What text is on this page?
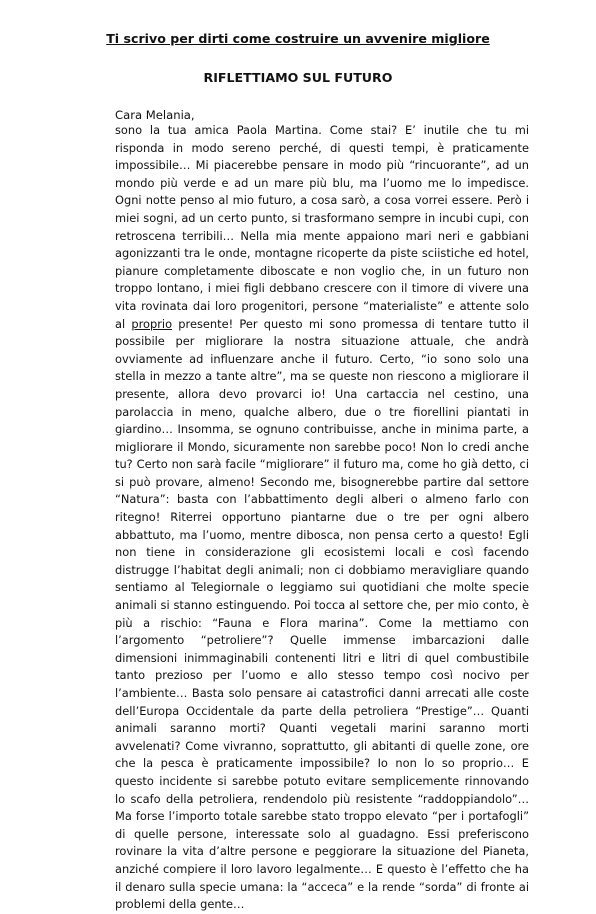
Ti scrivo per dirti come costruire un avvenire migliore
RIFLETTIAMO SUL FUTURO
Cara Melania,
sono la tua amica Paola Martina. Come stai? E’ inutile che tu mi risponda in modo sereno perché, di questi tempi, è praticamente impossibile… Mi piacerebbe pensare in modo più “rincuorante”, ad un mondo più verde e ad un mare più blu, ma l’uomo me lo impedisce. Ogni notte penso al mio futuro, a cosa sarò, a cosa vorrei essere. Però i miei sogni, ad un certo punto, si trasformano sempre in incubi cupi, con retroscena terribili… Nella mia mente appaiono mari neri e gabbiani agonizzanti tra le onde, montagne ricoperte da piste sciistiche ed hotel, pianure completamente diboscate e non voglio che, in un futuro non troppo lontano, i miei figli debbano crescere con il timore di vivere una vita rovinata dai loro progenitori, persone “materialiste” e attente solo al proprio presente! Per questo mi sono promessa di tentare tutto il possibile per migliorare la nostra situazione attuale, che andrà ovviamente ad influenzare anche il futuro. Certo, “io sono solo una stella in mezzo a tante altre”, ma se queste non riescono a migliorare il presente, allora devo provarci io! Una cartaccia nel cestino, una parolaccia in meno, qualche albero, due o tre fiorellini piantati in giardino… Insomma, se ognuno contribuisse, anche in minima parte, a migliorare il Mondo, sicuramente non sarebbe poco! Non lo credi anche tu? Certo non sarà facile “migliorare” il futuro ma, come ho già detto, ci si può provare, almeno! Secondo me, bisognerebbe partire dal settore “Natura”: basta con l’abbattimento degli alberi o almeno farlo con ritegno! Riterrei opportuno piantarne due o tre per ogni albero abbattuto, ma l’uomo, mentre dibosca, non pensa certo a questo! Egli non tiene in considerazione gli ecosistemi locali e così facendo distrugge l’habitat degli animali; non ci dobbiamo meravigliare quando sentiamo al Telegiornale o leggiamo sui quotidiani che molte specie animali si stanno estinguendo. Poi tocca al settore che, per mio conto, è più a rischio: “Fauna e Flora marina”. Come la mettiamo con l’argomento “petroliere”? Quelle immense imbarcazioni dalle dimensioni inimmaginabili contenenti litri e litri di quel combustibile tanto prezioso per l’uomo e allo stesso tempo così nocivo per l’ambiente… Basta solo pensare ai catastrofici danni arrecati alle coste dell’Europa Occidentale da parte della petroliera “Prestige”… Quanti animali saranno morti? Quanti vegetali marini saranno morti avvelenati? Come vivranno, soprattutto, gli abitanti di quelle zone, ore che la pesca è praticamente impossibile? Io non lo so proprio… E questo incidente si sarebbe potuto evitare semplicemente rinnovando lo scafo della petroliera, rendendolo più resistente “raddoppiandolo”… Ma forse l’importo totale sarebbe stato troppo elevato “per i portafogli” di quelle persone, interessate solo al guadagno. Essi preferiscono rovinare la vita d’altre persone e peggiorare la situazione del Pianeta, anziché compiere il loro lavoro legalmente… E questo è l’effetto che ha il denaro sulla specie umana: la “acceca” e la rende “sorda” di fronte ai problemi della gente…
